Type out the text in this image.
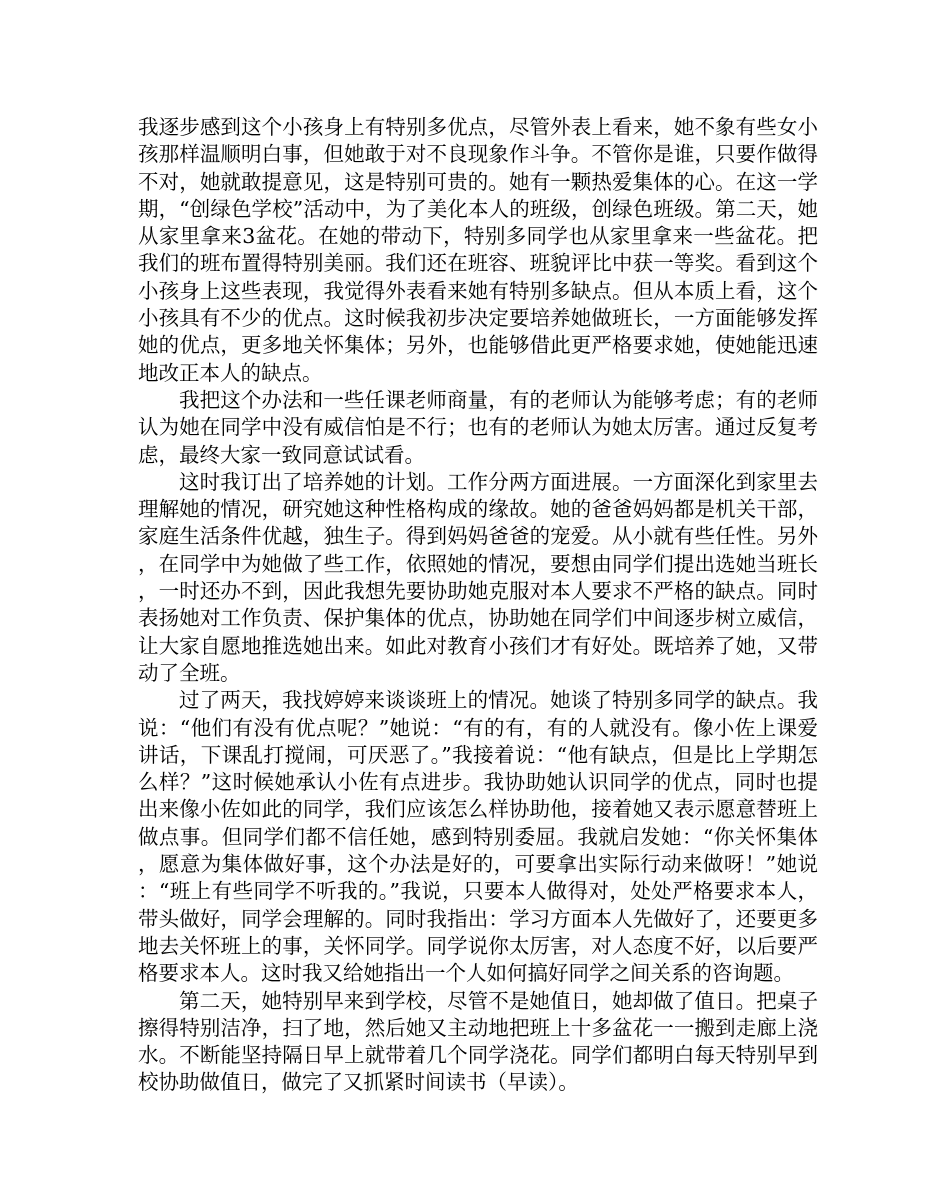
我逐步感到这个小孩身上有特别多优点，尽管外表上看来，她不象有些女小孩那样温顺明白事，但她敢于对不良现象作斗争。不管你是谁，只要作做得不对，她就敢提意见，这是特别可贵的。她有一颗热爱集体的心。在这一学期，“创绿色学校”活动中，为了美化本人的班级，创绿色班级。第二天，她从家里拿来3盆花。在她的带动下，特别多同学也从家里拿来一些盆花。把我们的班布置得特别美丽。我们还在班容、班貌评比中获一等奖。看到这个小孩身上这些表现，我觉得外表看来她有特别多缺点。但从本质上看，这个小孩具有不少的优点。这时候我初步决定要培养她做班长，一方面能够发挥她的优点，更多地关怀集体；另外，也能够借此更严格要求她，使她能迅速地改正本人的缺点。

我把这个办法和一些任课老师商量，有的老师认为能够考虑；有的老师认为她在同学中没有威信怕是不行；也有的老师认为她太厉害。通过反复考虑，最终大家一致同意试试看。

这时我订出了培养她的计划。工作分两方面进展。一方面深化到家里去理解她的情况，研究她这种性格构成的缘故。她的爸爸妈妈都是机关干部，家庭生活条件优越，独生子。得到妈妈爸爸的宠爱。从小就有些任性。另外，在同学中为她做了些工作，依照她的情况，要想由同学们提出选她当班长，一时还办不到，因此我想先要协助她克服对本人要求不严格的缺点。同时表扬她对工作负责、保护集体的优点，协助她在同学们中间逐步树立威信，让大家自愿地推选她出来。如此对教育小孩们才有好处。既培养了她，又带动了全班。

过了两天，我找婷婷来谈谈班上的情况。她谈了特别多同学的缺点。我说：“他们有没有优点呢？”她说：“有的有，有的人就没有。像小佐上课爱讲话，下课乱打搅闹，可厌恶了。”我接着说：“他有缺点，但是比上学期怎么样？”这时候她承认小佐有点进步。我协助她认识同学的优点，同时也提出来像小佐如此的同学，我们应该怎么样协助他，接着她又表示愿意替班上做点事。但同学们都不信任她，感到特别委屈。我就启发她：“你关怀集体，愿意为集体做好事，这个办法是好的，可要拿出实际行动来做呀！”她说：“班上有些同学不听我的。”我说，只要本人做得对，处处严格要求本人，带头做好，同学会理解的。同时我指出：学习方面本人先做好了，还要更多地去关怀班上的事，关怀同学。同学说你太厉害，对人态度不好，以后要严格要求本人。这时我又给她指出一个人如何搞好同学之间关系的咨询题。

第二天，她特别早来到学校，尽管不是她值日，她却做了值日。把桌子擦得特别洁净，扫了地，然后她又主动地把班上十多盆花一一搬到走廊上浇水。不断能坚持隔日早上就带着几个同学浇花。同学们都明白每天特别早到校协助做值日，做完了又抓紧时间读书（早读）。
